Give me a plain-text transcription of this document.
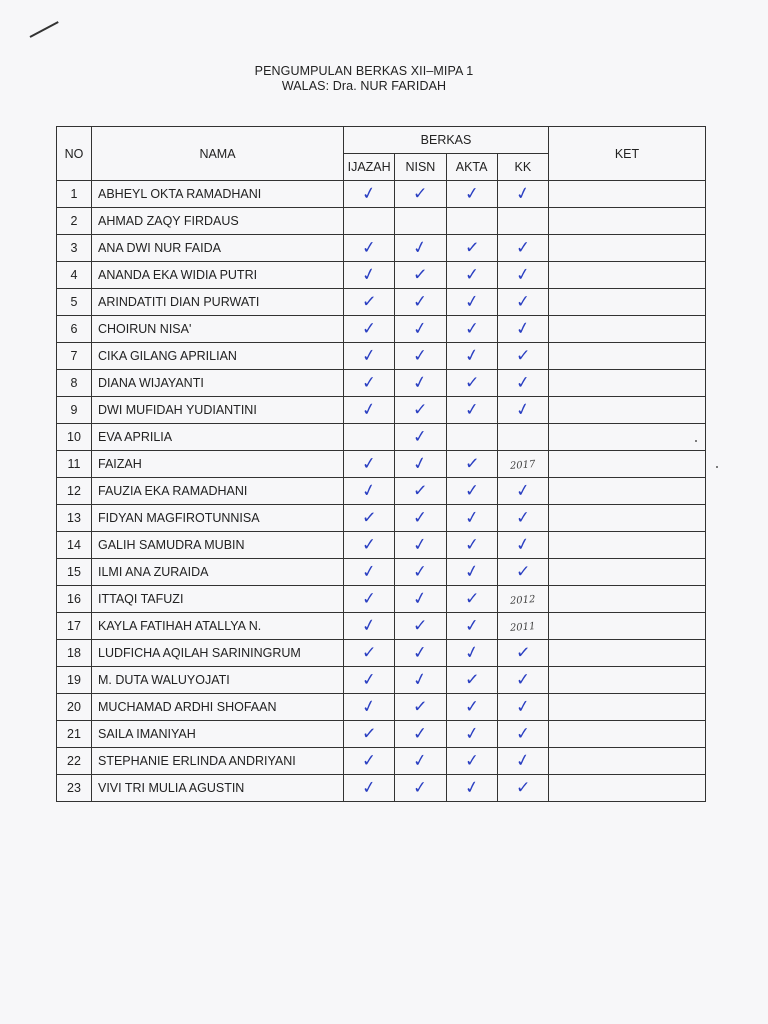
PENGUMPULAN BERKAS XII–MIPA 1
WALAS: Dra. NUR FARIDAH
NO	NAMA	BERKAS				KET
		IJAZAH	NISN	AKTA	KK	
1	ABHEYL OKTA RAMADHANI	✓	✓	✓	✓	
2	AHMAD ZAQY FIRDAUS					
3	ANA DWI NUR FAIDA	✓	✓	✓	✓	
4	ANANDA EKA WIDIA PUTRI	✓	✓	✓	✓	
5	ARINDATITI DIAN PURWATI	✓	✓	✓	✓	
6	CHOIRUN NISA'	✓	✓	✓	✓	
7	CIKA GILANG APRILIAN	✓	✓	✓	✓	
8	DIANA WIJAYANTI	✓	✓	✓	✓	
9	DWI MUFIDAH YUDIANTINI	✓	✓	✓	✓	
10	EVA APRILIA		✓			
11	FAIZAH	✓	✓	✓	2017	
12	FAUZIA EKA RAMADHANI	✓	✓	✓	✓	
13	FIDYAN MAGFIROTUNNISA	✓	✓	✓	✓	
14	GALIH SAMUDRA MUBIN	✓	✓	✓	✓	
15	ILMI ANA ZURAIDA	✓	✓	✓	✓	
16	ITTAQI TAFUZI	✓	✓	✓	2012	
17	KAYLA FATIHAH ATALLYA N.	✓	✓	✓	2011	
18	LUDFICHA AQILAH SARININGRUM	✓	✓	✓	✓	
19	M. DUTA WALUYOJATI	✓	✓	✓	✓	
20	MUCHAMAD ARDHI SHOFAAN	✓	✓	✓	✓	
21	SAILA IMANIYAH	✓	✓	✓	✓	
22	STEPHANIE ERLINDA ANDRIYANI	✓	✓	✓	✓	
23	VIVI TRI MULIA AGUSTIN	✓	✓	✓	✓	
